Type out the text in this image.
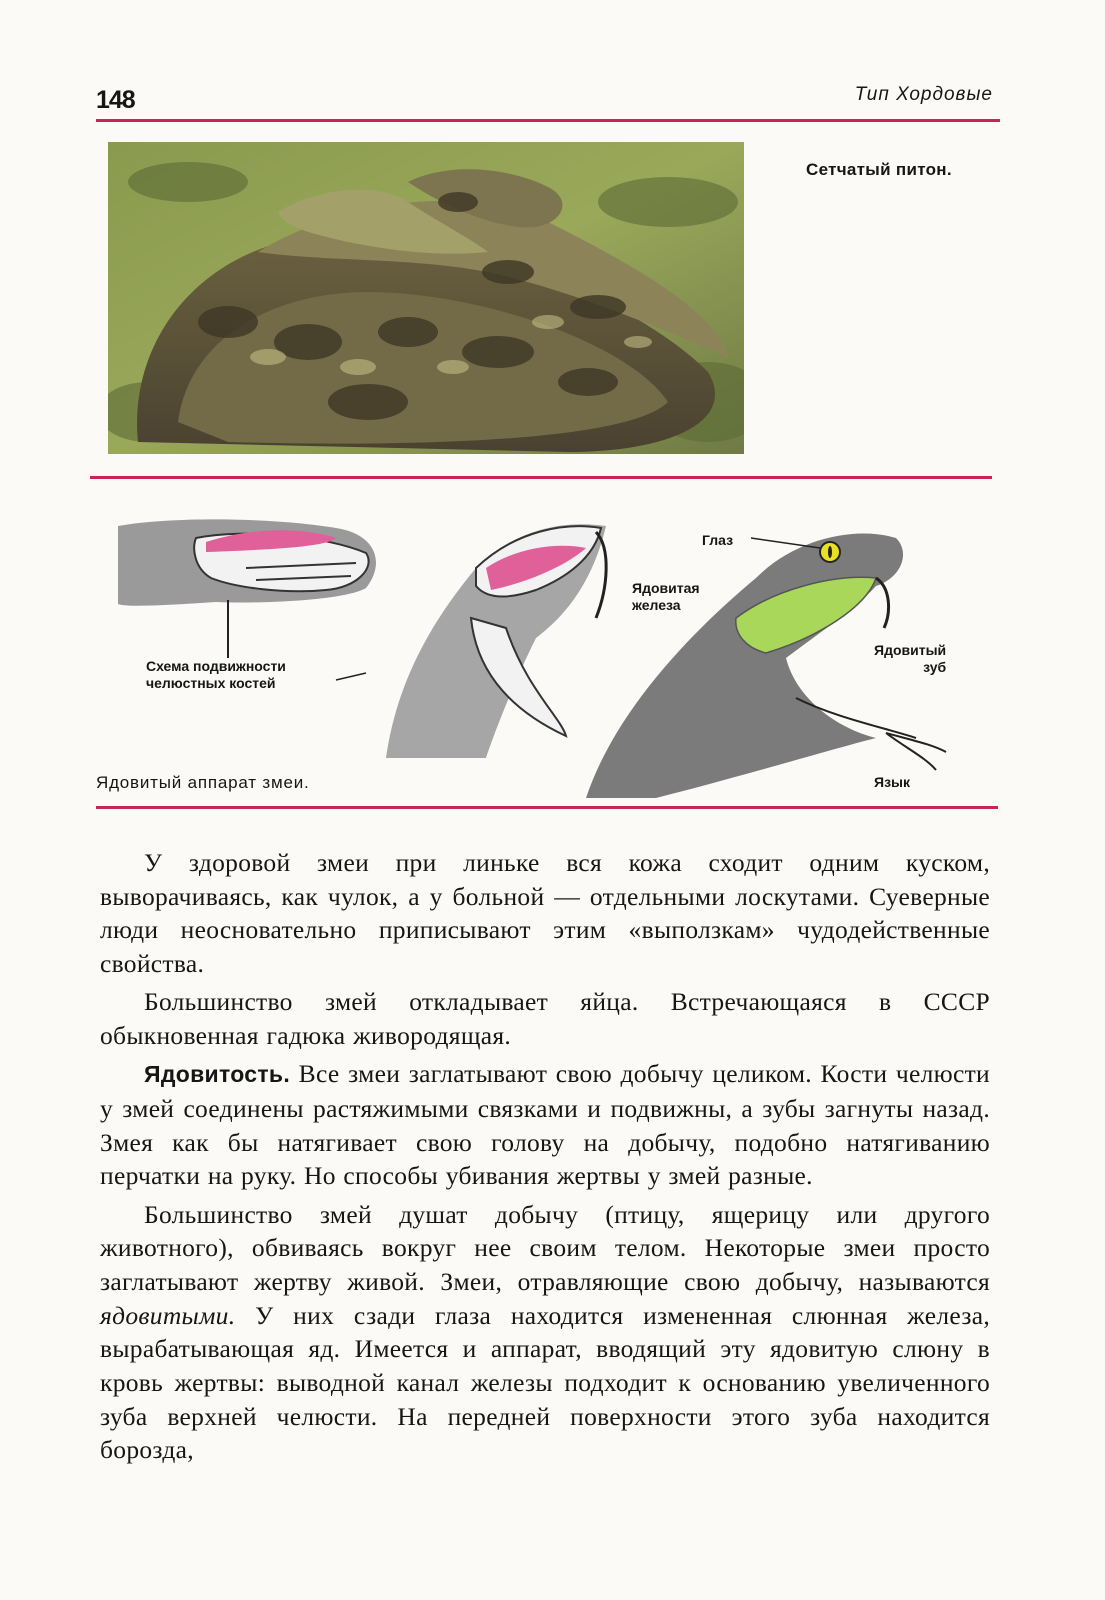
148	Тип Хордовые
Сетчатый питон.
Схема подвижности
челюстных костей
Глаз
Ядовитая
железа
Ядовитый
зуб
Язык
Ядовитый аппарат змеи.

У здоровой змеи при линьке вся кожа сходит одним куском, выворачиваясь, как чулок, а у больной — отдельными лоскутами. Суеверные люди неосновательно приписывают этим «выползкам» чудодейственные свойства.

Большинство змей откладывает яйца. Встречающаяся в СССР обыкновенная гадюка живородящая.

Ядовитость. Все змеи заглатывают свою добычу целиком. Кости челюсти у змей соединены растяжимыми связками и подвижны, а зубы загнуты назад. Змея как бы натягивает свою голову на добычу, подобно натягиванию перчатки на руку. Но способы убивания жертвы у змей разные.

Большинство змей душат добычу (птицу, ящерицу или другого животного), обвиваясь вокруг нее своим телом. Некоторые змеи просто заглатывают жертву живой. Змеи, отравляющие свою добычу, называются ядовитыми. У них сзади глаза находится измененная слюнная железа, вырабатывающая яд. Имеется и аппарат, вводящий эту ядовитую слюну в кровь жертвы: выводной канал железы подходит к основанию увеличенного зуба верхней челюсти. На передней поверхности этого зуба находится борозда,
